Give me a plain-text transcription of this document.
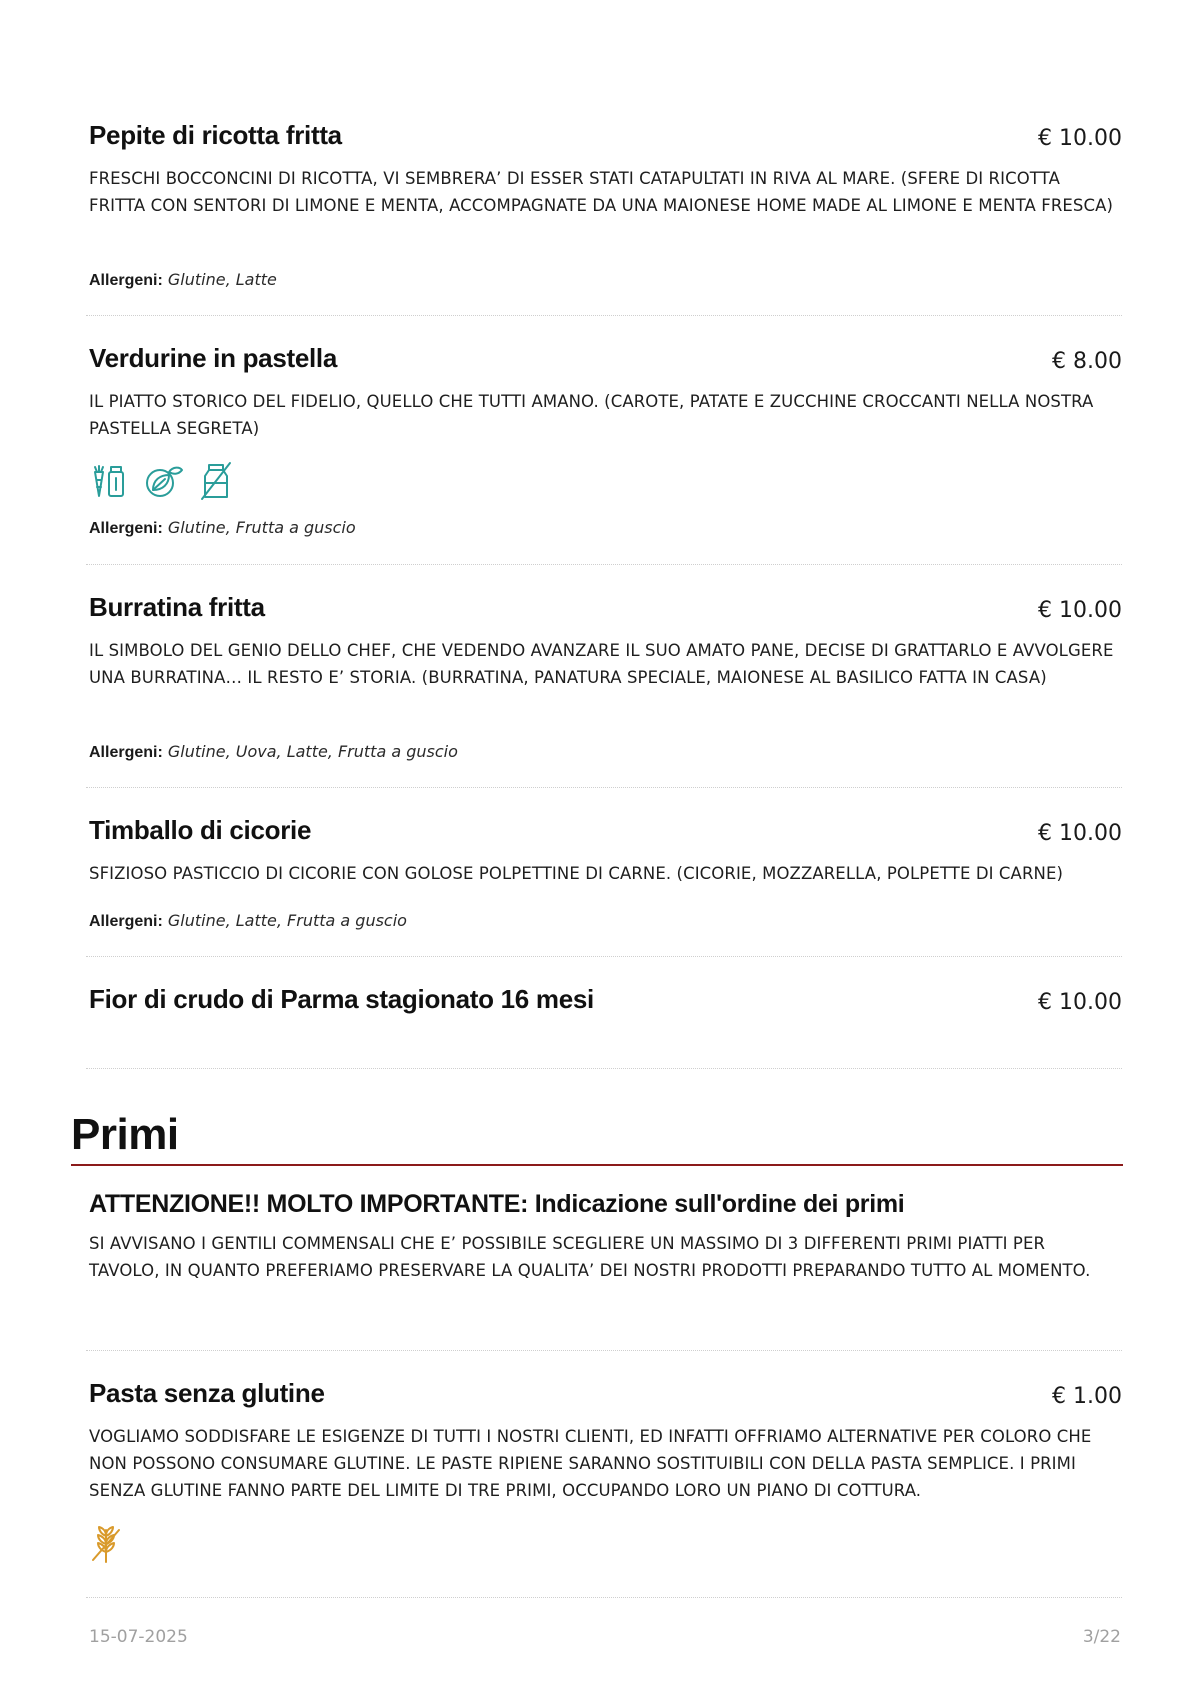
Pepite di ricotta fritta	€ 10.00
FRESCHI BOCCONCINI DI RICOTTA, VI SEMBRERA’ DI ESSER STATI CATAPULTATI IN RIVA AL MARE. (SFERE DI RICOTTA FRITTA CON SENTORI DI LIMONE E MENTA, ACCOMPAGNATE DA UNA MAIONESE HOME MADE AL LIMONE E MENTA FRESCA)
Allergeni: Glutine, Latte
Verdurine in pastella	€ 8.00
IL PIATTO STORICO DEL FIDELIO, QUELLO CHE TUTTI AMANO. (CAROTE, PATATE E ZUCCHINE CROCCANTI NELLA NOSTRA PASTELLA SEGRETA)
Allergeni: Glutine, Frutta a guscio
Burratina fritta	€ 10.00
IL SIMBOLO DEL GENIO DELLO CHEF, CHE VEDENDO AVANZARE IL SUO AMATO PANE, DECISE DI GRATTARLO E AVVOLGERE UNA BURRATINA… IL RESTO E’ STORIA. (BURRATINA, PANATURA SPECIALE, MAIONESE AL BASILICO FATTA IN CASA)
Allergeni: Glutine, Uova, Latte, Frutta a guscio
Timballo di cicorie	€ 10.00
SFIZIOSO PASTICCIO DI CICORIE CON GOLOSE POLPETTINE DI CARNE. (CICORIE, MOZZARELLA, POLPETTE DI CARNE)
Allergeni: Glutine, Latte, Frutta a guscio
Fior di crudo di Parma stagionato 16 mesi	€ 10.00
Primi
ATTENZIONE!! MOLTO IMPORTANTE: Indicazione sull'ordine dei primi
SI AVVISANO I GENTILI COMMENSALI CHE E’ POSSIBILE SCEGLIERE UN MASSIMO DI 3 DIFFERENTI PRIMI PIATTI PER TAVOLO, IN QUANTO PREFERIAMO PRESERVARE LA QUALITA’ DEI NOSTRI PRODOTTI PREPARANDO TUTTO AL MOMENTO.
Pasta senza glutine	€ 1.00
VOGLIAMO SODDISFARE LE ESIGENZE DI TUTTI I NOSTRI CLIENTI, ED INFATTI OFFRIAMO ALTERNATIVE PER COLORO CHE NON POSSONO CONSUMARE GLUTINE. LE PASTE RIPIENE SARANNO SOSTITUIBILI CON DELLA PASTA SEMPLICE. I PRIMI SENZA GLUTINE FANNO PARTE DEL LIMITE DI TRE PRIMI, OCCUPANDO LORO UN PIANO DI COTTURA.
15-07-2025	3/22
